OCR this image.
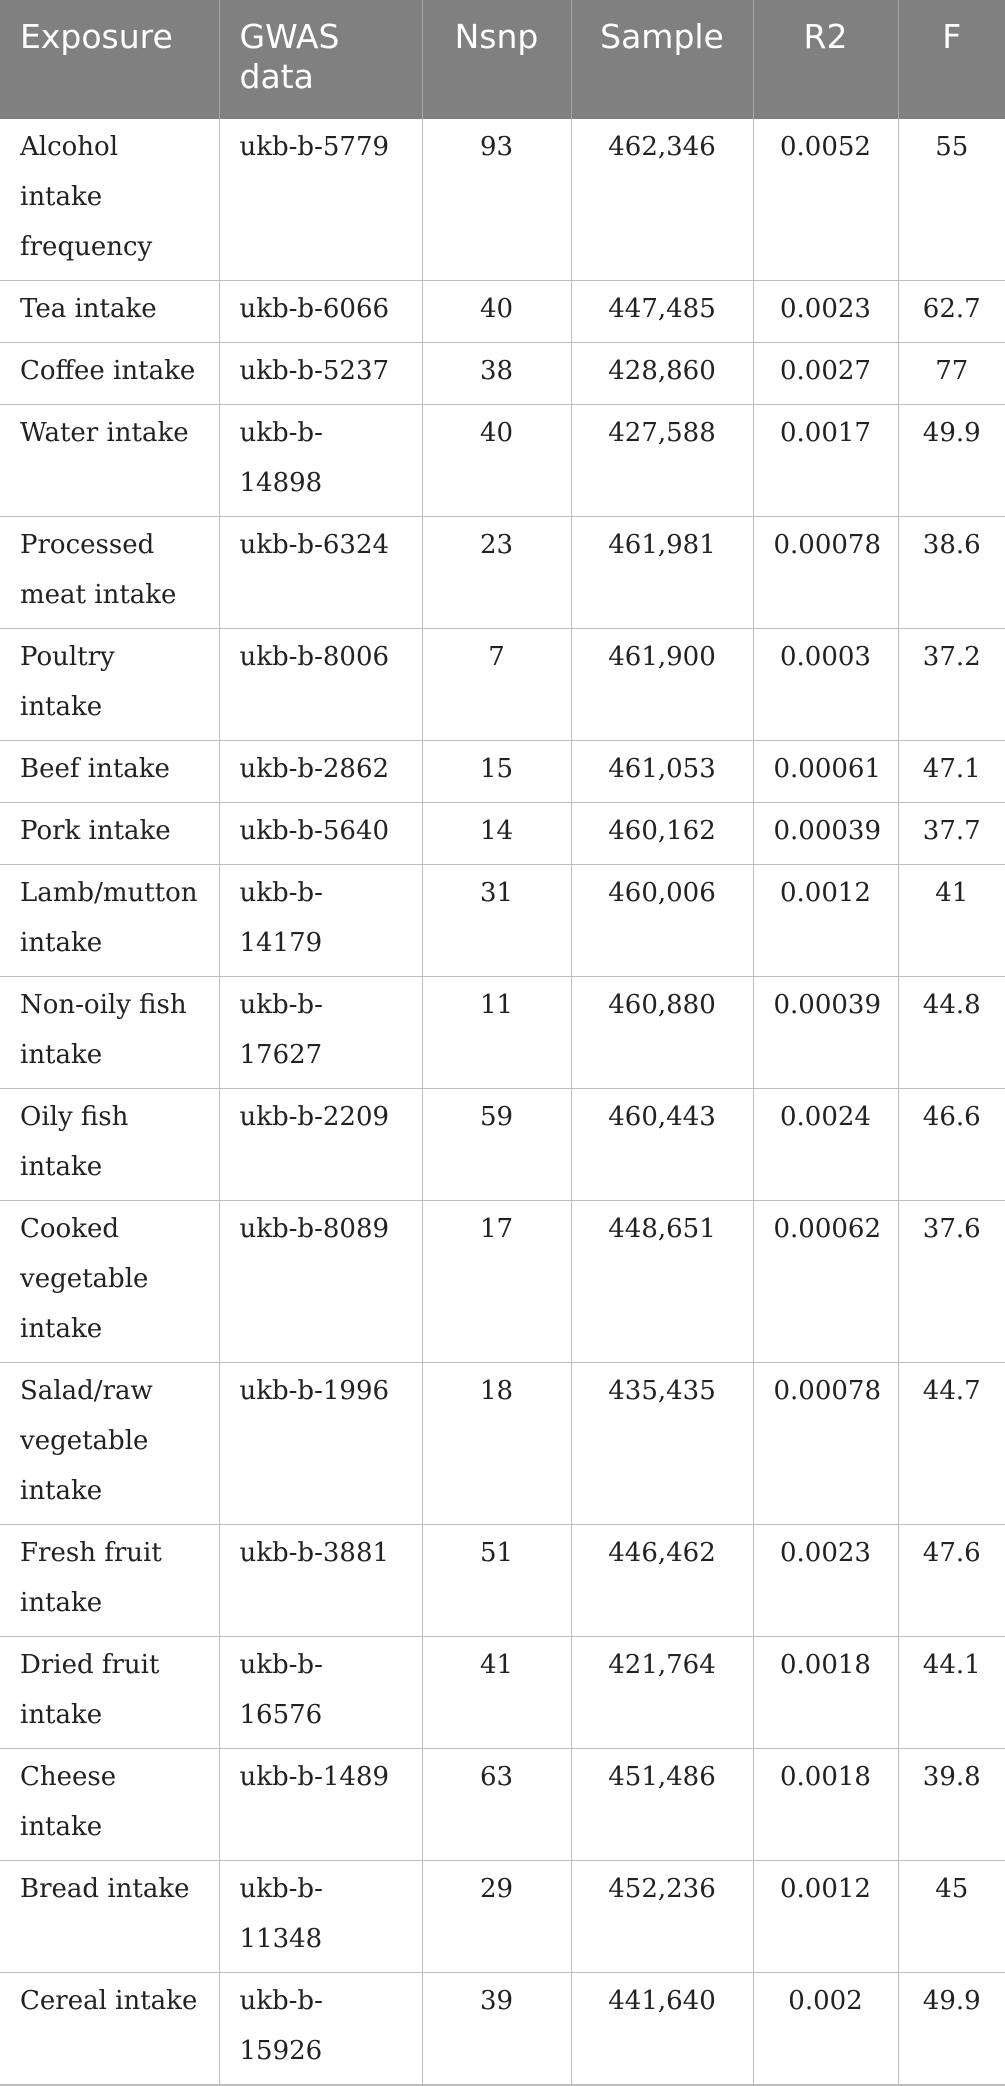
Exposure	GWAS data	Nsnp	Sample	R2	F
Alcohol intake frequency	ukb-b-5779	93	462,346	0.0052	55
Tea intake	ukb-b-6066	40	447,485	0.0023	62.7
Coffee intake	ukb-b-5237	38	428,860	0.0027	77
Water intake	ukb-b-14898	40	427,588	0.0017	49.9
Processed meat intake	ukb-b-6324	23	461,981	0.00078	38.6
Poultry intake	ukb-b-8006	7	461,900	0.0003	37.2
Beef intake	ukb-b-2862	15	461,053	0.00061	47.1
Pork intake	ukb-b-5640	14	460,162	0.00039	37.7
Lamb/mutton intake	ukb-b-14179	31	460,006	0.0012	41
Non-oily fish intake	ukb-b-17627	11	460,880	0.00039	44.8
Oily fish intake	ukb-b-2209	59	460,443	0.0024	46.6
Cooked vegetable intake	ukb-b-8089	17	448,651	0.00062	37.6
Salad/raw vegetable intake	ukb-b-1996	18	435,435	0.00078	44.7
Fresh fruit intake	ukb-b-3881	51	446,462	0.0023	47.6
Dried fruit intake	ukb-b-16576	41	421,764	0.0018	44.1
Cheese intake	ukb-b-1489	63	451,486	0.0018	39.8
Bread intake	ukb-b-11348	29	452,236	0.0012	45
Cereal intake	ukb-b-15926	39	441,640	0.002	49.9
